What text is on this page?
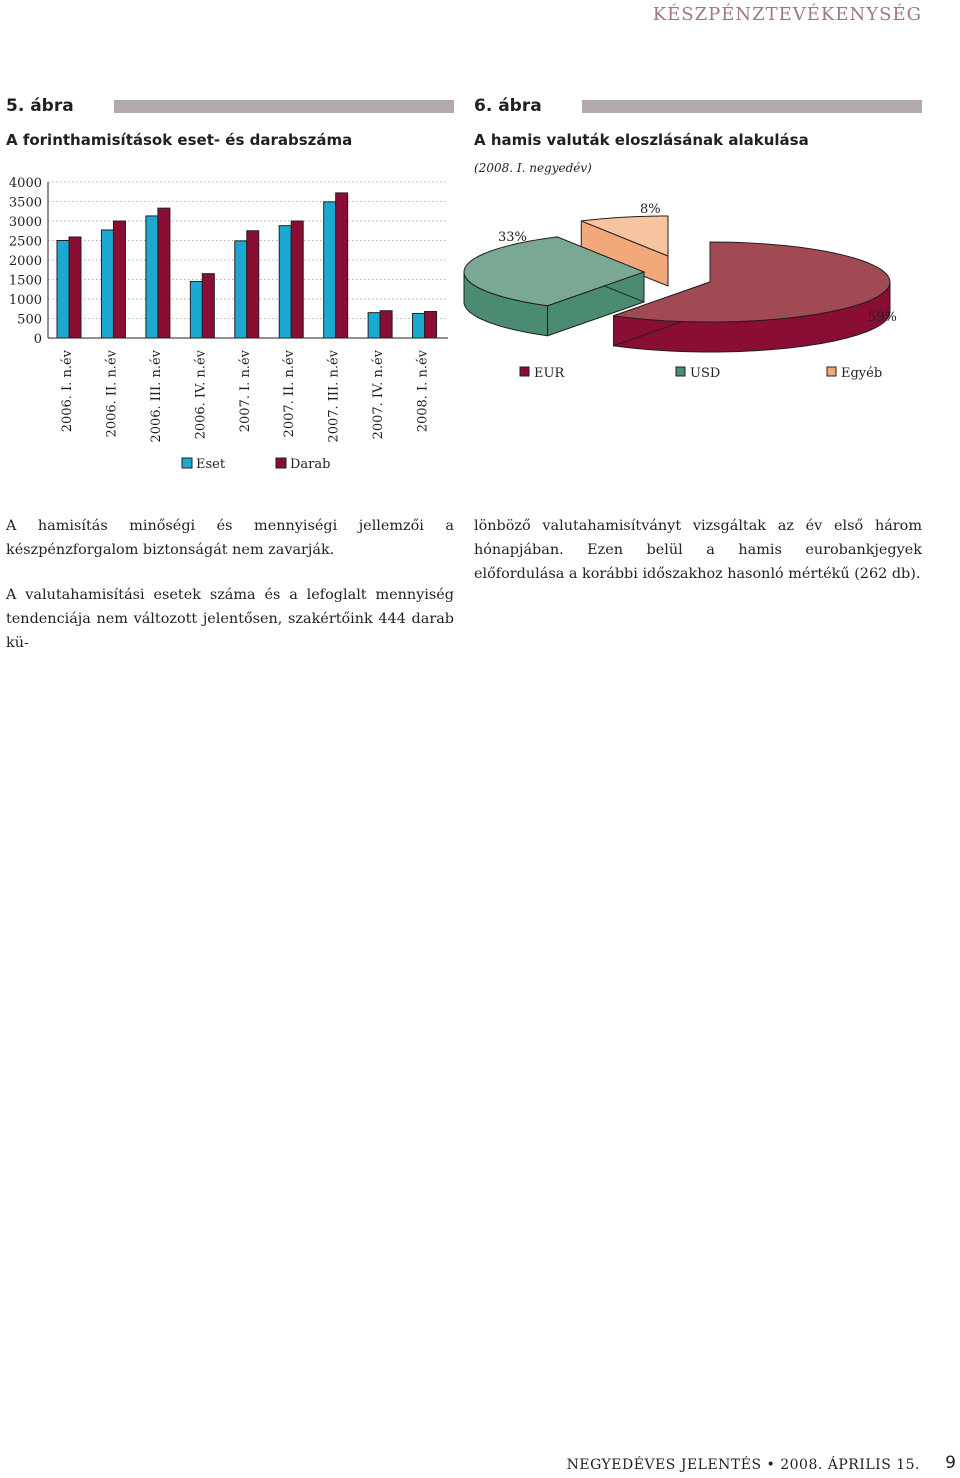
KÉSZPÉNZTEVÉKENYSÉG
5. ábra
A forinthamisítások eset- és darabszáma
0
500
1000
1500
2000
2500
3000
3500
4000
2006. I. n.év 2006. II. n.év 2006. III. n.év 2006. IV. n.év 2007. I. n.év 2007. II. n.év 2007. III. n.év 2007. IV. n.év 2008. I. n.év
Eset	Darab
6. ábra
A hamis valuták eloszlásának alakulása
(2008. I. negyedév)
59%
33%
8%
EUR	USD	Egyéb

A hamisítás minőségi és mennyiségi jellemzői a készpénzforgalom biztonságát nem zavarják.

A valutahamisítási esetek száma és a lefoglalt mennyiség tendenciája nem változott jelentősen, szakértőink 444 darab kü-

lönböző valutahamisítványt vizsgáltak az év első három hónapjában. Ezen belül a hamis eurobankjegyek előfordulása a korábbi időszakhoz hasonló mértékű (262 db).

NEGYEDÉVES JELENTÉS • 2008. ÁPRILIS 15. 9
